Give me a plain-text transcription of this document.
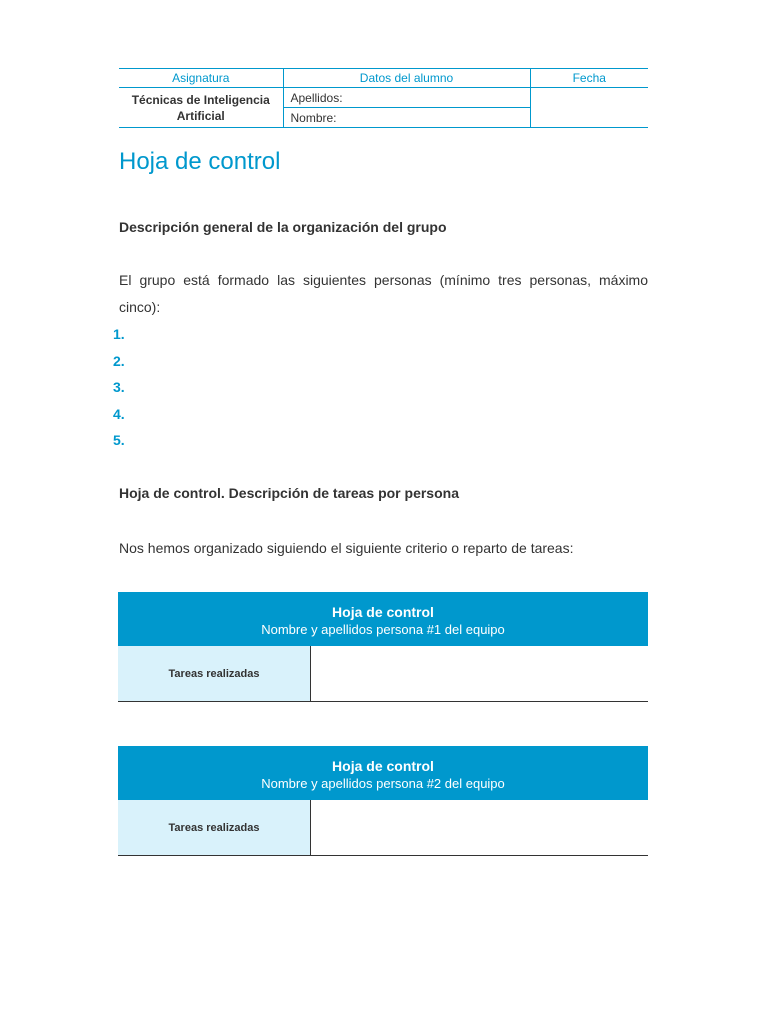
Asignatura	Datos del alumno	Fecha
Técnicas de Inteligencia Artificial	Apellidos:	
	Nombre:	
Hoja de control
Descripción general de la organización del grupo
El grupo está formado las siguientes personas (mínimo tres personas, máximo cinco):
1.
2.
3.
4.
5.
Hoja de control. Descripción de tareas por persona
Nos hemos organizado siguiendo el siguiente criterio o reparto de tareas:
Hoja de control
Nombre y apellidos persona #1 del equipo
Tareas realizadas
Hoja de control
Nombre y apellidos persona #2 del equipo
Tareas realizadas
